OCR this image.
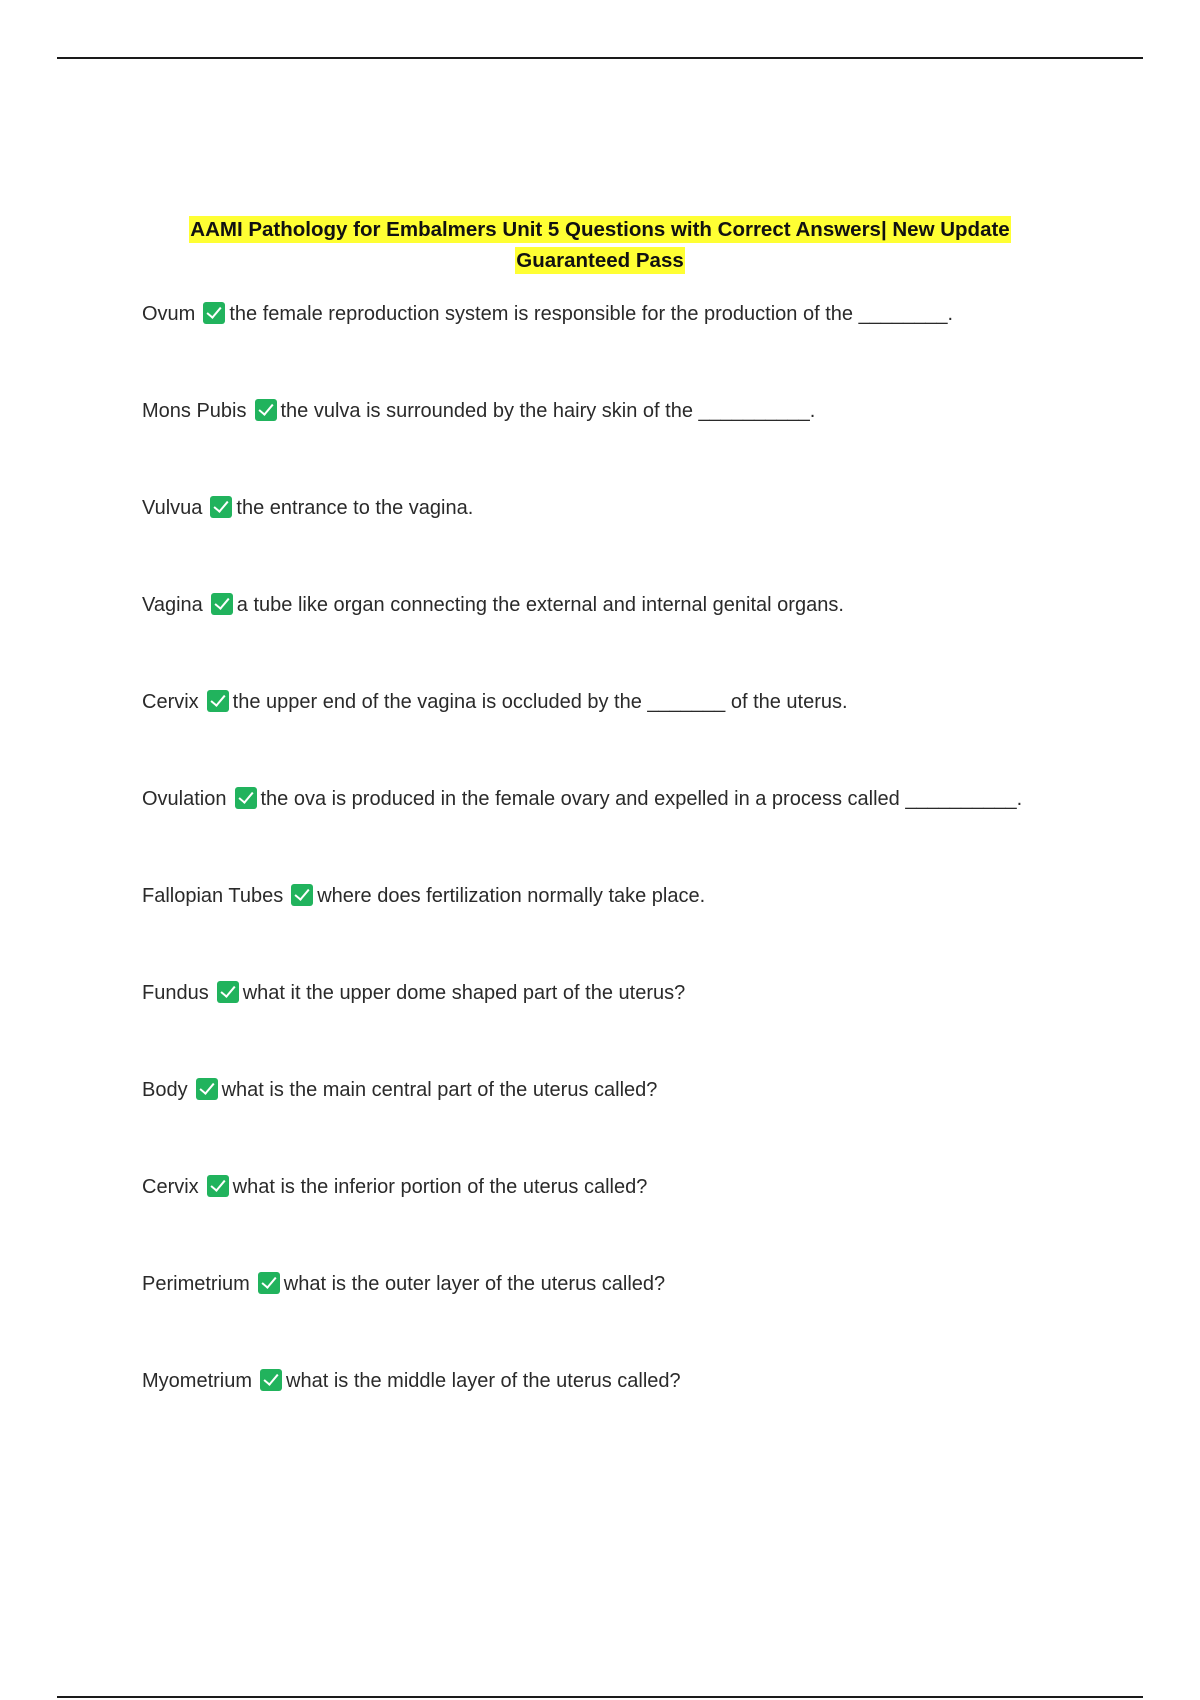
AAMI Pathology for Embalmers Unit 5 Questions with Correct Answers| New Update
Guaranteed Pass
Ovum the female reproduction system is responsible for the production of the ________.
Mons Pubis the vulva is surrounded by the hairy skin of the __________.
Vulvua the entrance to the vagina.
Vagina a tube like organ connecting the external and internal genital organs.
Cervix the upper end of the vagina is occluded by the _______ of the uterus.
Ovulation the ova is produced in the female ovary and expelled in a process called __________.
Fallopian Tubes where does fertilization normally take place.
Fundus what it the upper dome shaped part of the uterus?
Body what is the main central part of the uterus called?
Cervix what is the inferior portion of the uterus called?
Perimetrium what is the outer layer of the uterus called?
Myometrium what is the middle layer of the uterus called?
